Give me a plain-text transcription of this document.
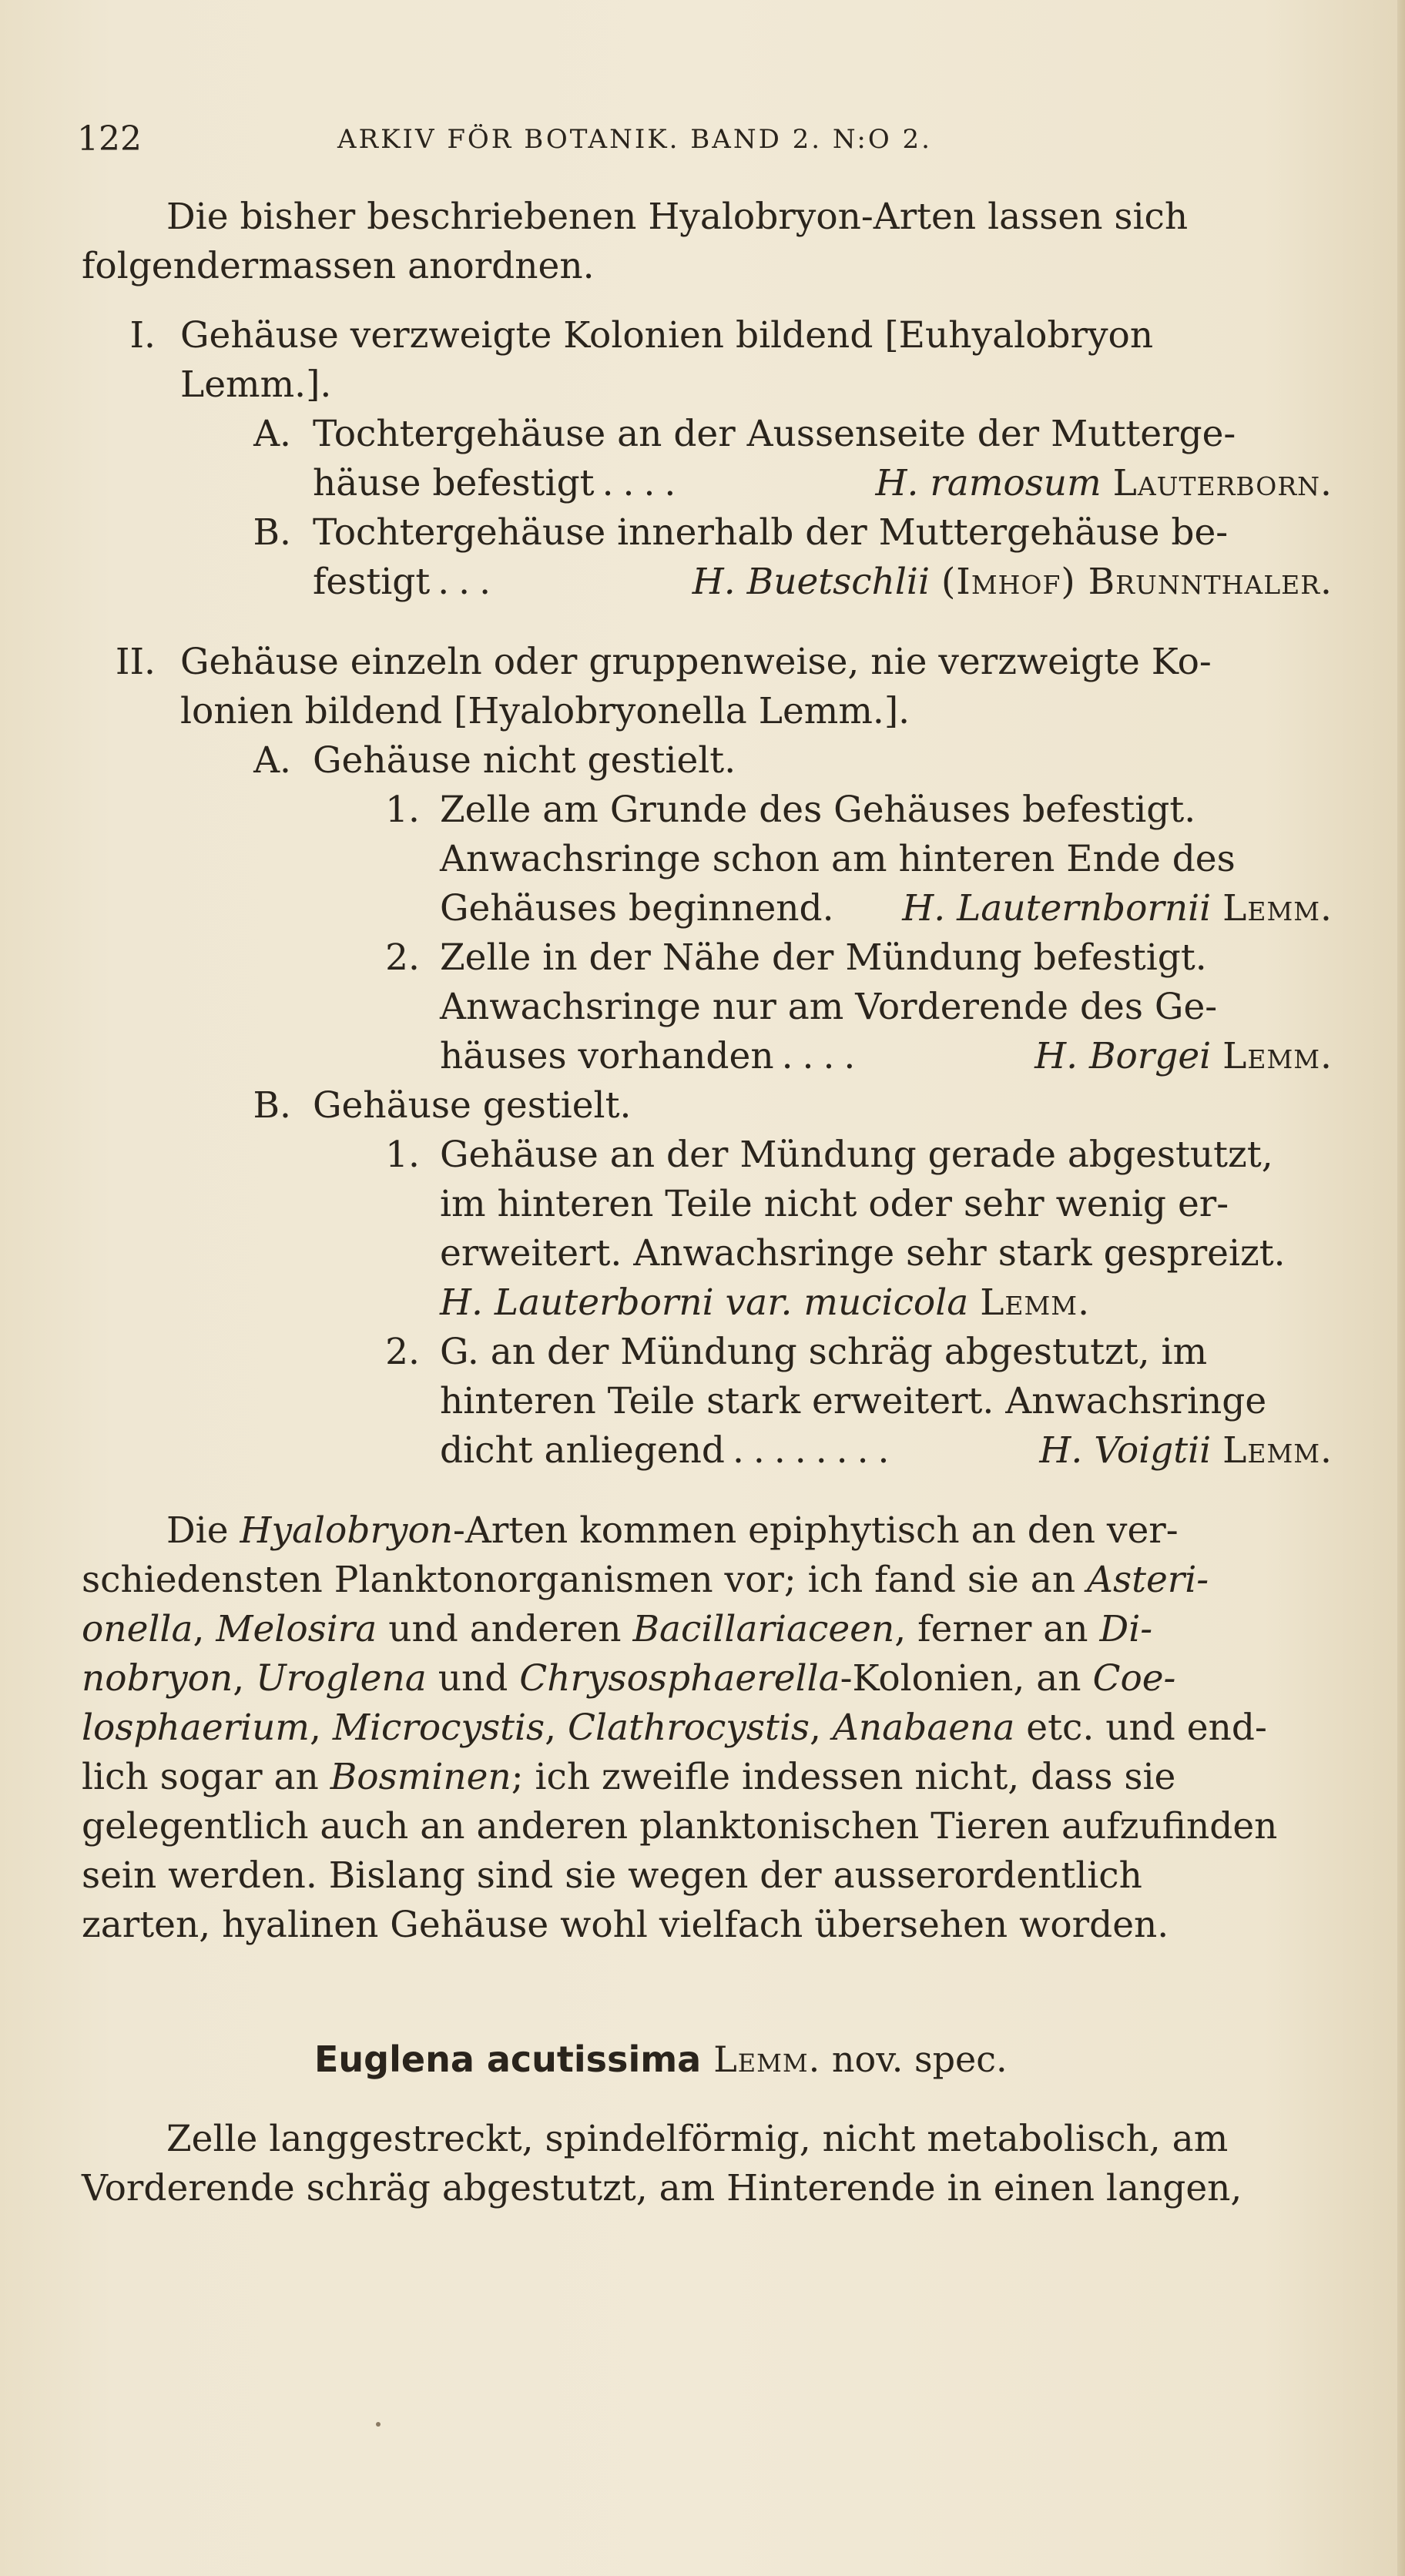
122	ARKIV FÖR BOTANIK. BAND 2. N:O 2.

Die bisher beschriebenen Hyalobryon-Arten lassen sich

folgendermassen anordnen.

I. Gehäuse verzweigte Kolonien bildend [Euhyalobryon

Lemm.].

A. Tochtergehäuse an der Aussenseite der Mutterge-

häuse befestigt ....	H. ramosum Lauterborn.
B. Tochtergehäuse innerhalb der Muttergehäuse be-

festigt ...	H. Buetschlii (Imhof) Brunnthaler.
II. Gehäuse einzeln oder gruppenweise, nie verzweigte Ko-

lonien bildend [Hyalobryonella Lemm.].

A. Gehäuse nicht gestielt.

1. Zelle am Grunde des Gehäuses befestigt.

Anwachsringe schon am hinteren Ende des

Gehäuses beginnend. H. Lauternbornii Lemm.
2. Zelle in der Nähe der Mündung befestigt.

Anwachsringe nur am Vorderende des Ge-

häuses vorhanden ....	H. Borgei Lemm.
B. Gehäuse gestielt.

1. Gehäuse an der Mündung gerade abgestutzt,

im hinteren Teile nicht oder sehr wenig er-

erweitert. Anwachsringe sehr stark gespreizt.

H. Lauterborni var. mucicola Lemm.

2. G. an der Mündung schräg abgestutzt, im

hinteren Teile stark erweitert. Anwachsringe

dicht anliegend ........	H. Voigtii Lemm.

Die Hyalobryon-Arten kommen epiphytisch an den ver-

schiedensten Planktonorganismen vor; ich fand sie an Asteri-

onella, Melosira und anderen Bacillariaceen, ferner an Di-

nobryon, Uroglena und Chrysosphaerella-Kolonien, an Coe-

losphaerium, Microcystis, Clathrocystis, Anabaena etc. und end-

lich sogar an Bosminen; ich zweifle indessen nicht, dass sie

gelegentlich auch an anderen planktonischen Tieren aufzufinden

sein werden. Bislang sind sie wegen der ausserordentlich

zarten, hyalinen Gehäuse wohl vielfach übersehen worden.

Euglena acutissima Lemm. nov. spec.

Zelle langgestreckt, spindelförmig, nicht metabolisch, am

Vorderende schräg abgestutzt, am Hinterende in einen langen,
